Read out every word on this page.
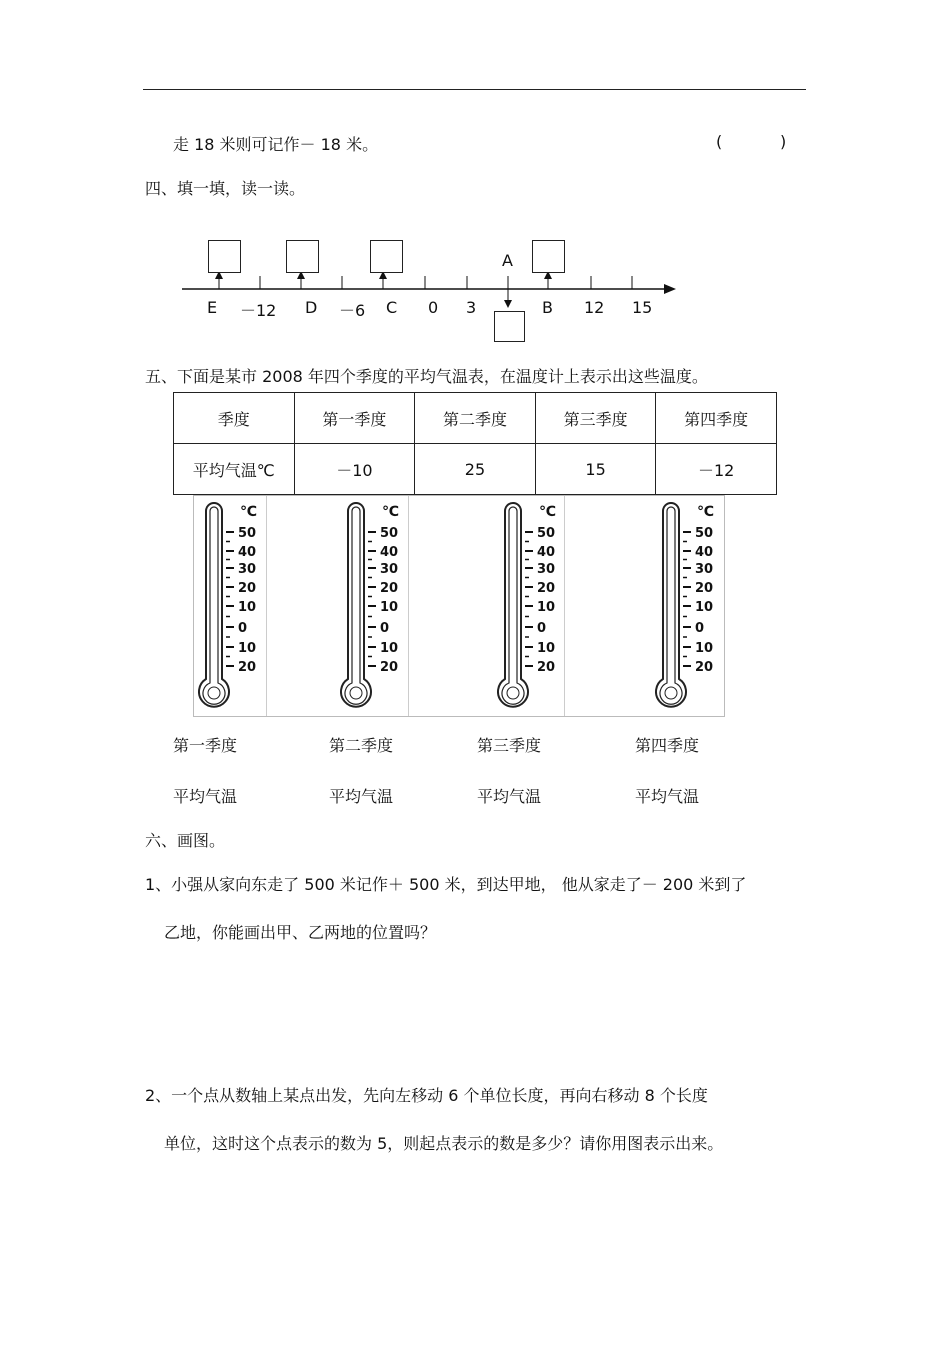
走 18 米则可记作－ 18 米。	(	)
四、填一填，读一读。
A
E －12 D －6 C 0 3	B 12 15
五、下面是某市 2008 年四个季度的平均气温表，在温度计上表示出这些温度。
季度	第一季度	第二季度	第三季度	第四季度
平均气温℃	－10	25	15	－12
℃
50
40
30
20
10
0
10
20
℃
50
40
30
20
10
0
10
20
℃
50
40
30
20
10
0
10
20
℃
50
40
30
20
10
0
10
20
第一季度	第二季度	第三季度	第四季度
平均气温	平均气温	平均气温	平均气温
六、画图。
1、小强从家向东走了 500 米记作＋ 500 米，到达甲地， 他从家走了－ 200 米到了
乙地，你能画出甲、乙两地的位置吗？
2、一个点从数轴上某点出发，先向左移动 6 个单位长度，再向右移动 8 个长度
单位，这时这个点表示的数为 5，则起点表示的数是多少？请你用图表示出来。
